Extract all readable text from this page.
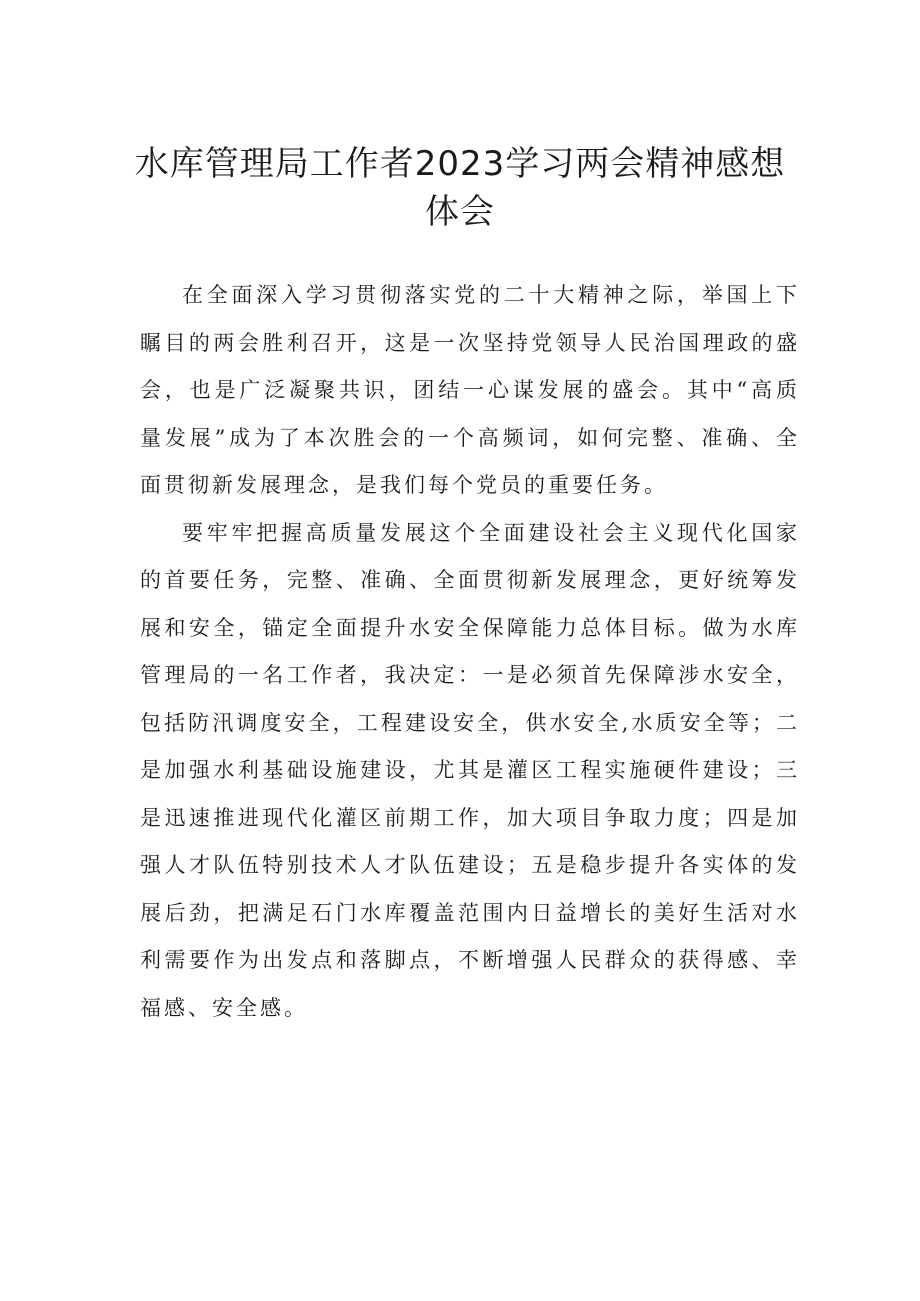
水库管理局工作者2023学习两会精神感想体会

在全面深入学习贯彻落实党的二十大精神之际，举国上下瞩目的两会胜利召开，这是一次坚持党领导人民治国理政的盛会，也是广泛凝聚共识，团结一心谋发展的盛会。其中“高质量发展”成为了本次胜会的一个高频词，如何完整、准确、全面贯彻新发展理念，是我们每个党员的重要任务。

要牢牢把握高质量发展这个全面建设社会主义现代化国家的首要任务，完整、准确、全面贯彻新发展理念，更好统筹发展和安全，锚定全面提升水安全保障能力总体目标。做为水库管理局的一名工作者，我决定：一是必须首先保障涉水安全，包括防汛调度安全，工程建设安全，供水安全,水质安全等；二是加强水利基础设施建设，尤其是灌区工程实施硬件建设；三是迅速推进现代化灌区前期工作，加大项目争取力度；四是加强人才队伍特别技术人才队伍建设；五是稳步提升各实体的发展后劲，把满足石门水库覆盖范围内日益增长的美好生活对水利需要作为出发点和落脚点，不断增强人民群众的获得感、幸福感、安全感。
